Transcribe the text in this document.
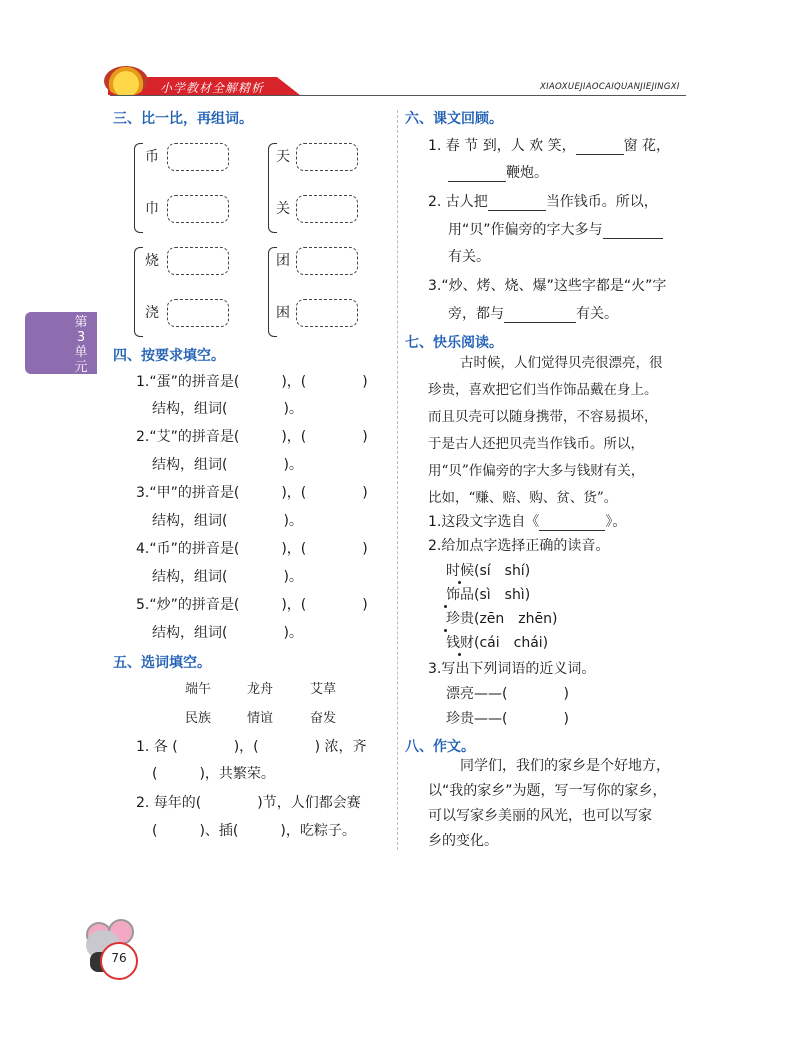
小学教材全解精析	XIAOXUEJIAOCAIQUANJIEJINGXI
第
3
单
元
三、比一比，再组词。
币
巾
天
关
烧
浇
团
困
四、按要求填空。
1.“蛋”的拼音是(　　　)，(　　　　)
结构，组词(　　　　)。
2.“艾”的拼音是(　　　)，(　　　　)
结构，组词(　　　　)。
3.“甲”的拼音是(　　　)，(　　　　)
结构，组词(　　　　)。
4.“币”的拼音是(　　　)，(　　　　)
结构，组词(　　　　)。
5.“炒”的拼音是(　　　)，(　　　　)
结构，组词(　　　　)。
五、选词填空。
端午	龙舟	艾草
民族	情谊	奋发
1. 各 (　　　　)，(　　　　) 浓，齐
(　　　)，共繁荣。
2. 每年的(　　　　)节，人们都会赛
(　　　)、插(　　　)，吃粽子。
六、课文回顾。
1. 春 节 到，人 欢 笑，	窗 花，
鞭炮。
2. 古人把	当作钱币。所以，
用“贝”作偏旁的字大多与
有关。
3.“炒、烤、烧、爆”这些字都是“火”字
旁，都与	有关。
七、快乐阅读。
古时候，人们觉得贝壳很漂亮，很
珍贵，喜欢把它们当作饰品戴在身上。
而且贝壳可以随身携带，不容易损坏，
于是古人还把贝壳当作钱币。所以，
用“贝”作偏旁的字大多与钱财有关，
比如，“赚、赔、购、贫、货”。
1.这段文字选自《	》。
2.给加点字选择正确的读音。
时候(sí　shí)
饰品(sì　shì)
珍贵(zēn　zhēn)
钱财(cái　chái)
3.写出下列词语的近义词。
漂亮——(　　　　)
珍贵——(　　　　)
八、作文。
同学们，我们的家乡是个好地方，
以“我的家乡”为题，写一写你的家乡，
可以写家乡美丽的风光，也可以写家
乡的变化。
76
